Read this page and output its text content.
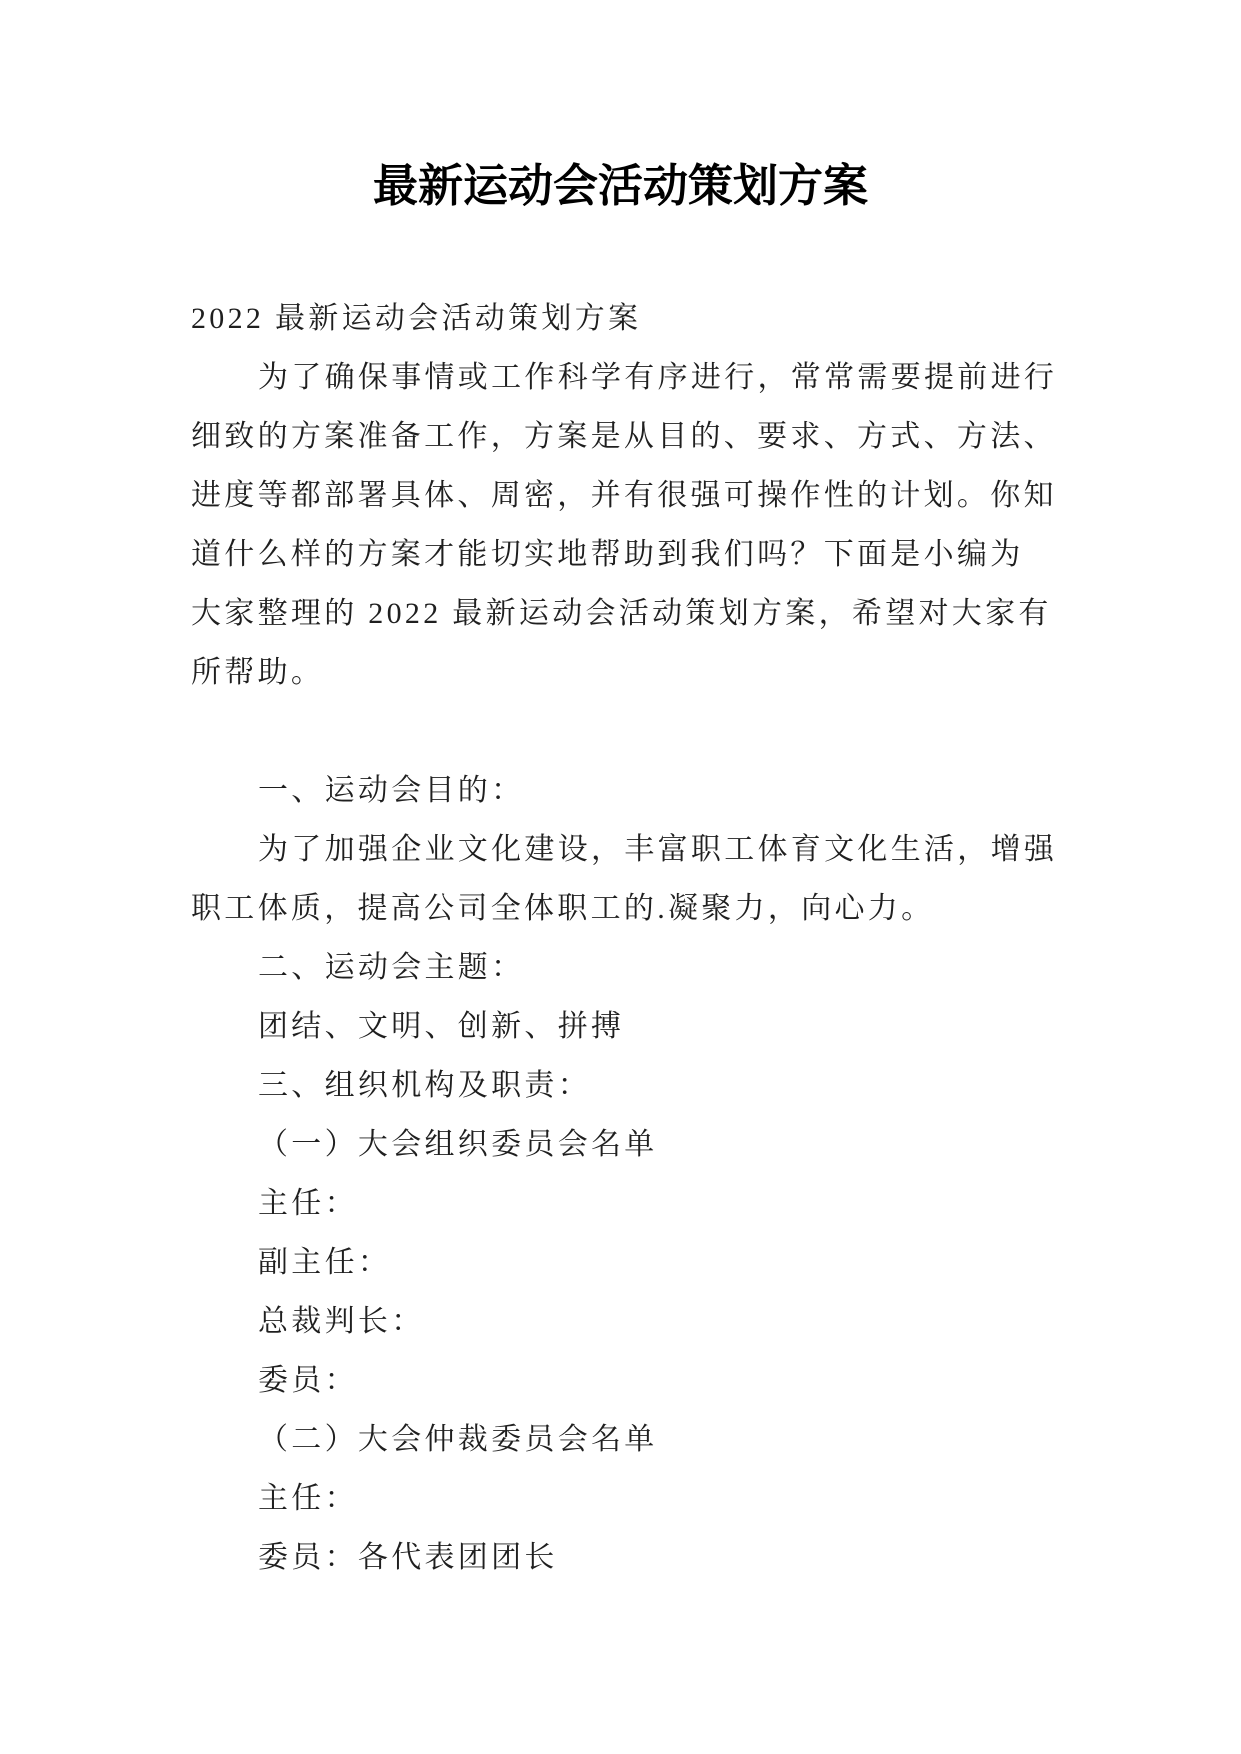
最新运动会活动策划方案
2022 最新运动会活动策划方案
为了确保事情或工作科学有序进行，常常需要提前进行
细致的方案准备工作，方案是从目的、要求、方式、方法、
进度等都部署具体、周密，并有很强可操作性的计划。你知
道什么样的方案才能切实地帮助到我们吗？下面是小编为
大家整理的 2022 最新运动会活动策划方案，希望对大家有
所帮助。
一、运动会目的：
为了加强企业文化建设，丰富职工体育文化生活，增强
职工体质，提高公司全体职工的.凝聚力，向心力。
二、运动会主题：
团结、文明、创新、拼搏
三、组织机构及职责：
（一）大会组织委员会名单
主任：
副主任：
总裁判长：
委员：
（二）大会仲裁委员会名单
主任：
委员：各代表团团长
